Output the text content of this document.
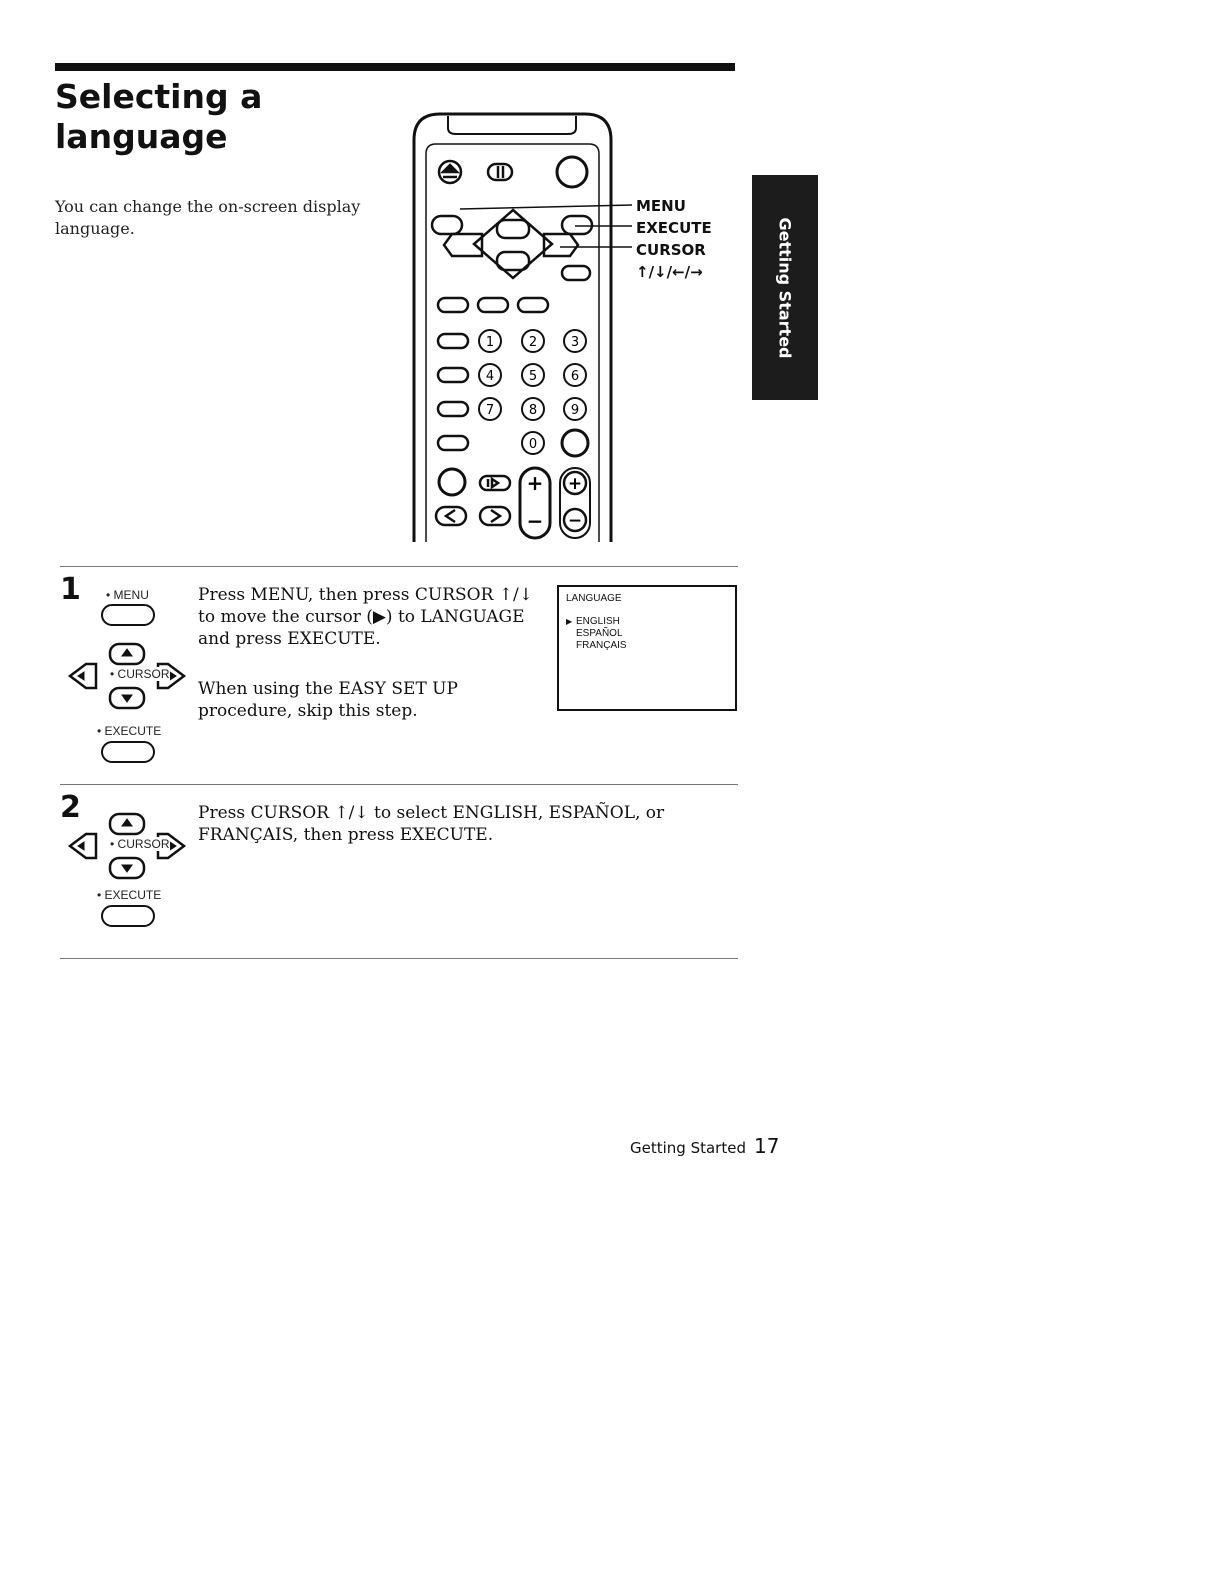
Selecting a language
You can change the on-screen display language.
1	2	3
4	5	6
7	8	9
0
+
−
+
−
MENU
EXECUTE
CURSOR
↑/↓/←/→	Getting Started
1 • MENU
• CURSOR
• EXECUTE

Press MENU, then press CURSOR ↑/↓ to move the cursor (▶) to LANGUAGE and press EXECUTE.

When using the EASY SET UP procedure, skip this step.

LANGUAGE
▶ ENGLISH
ESPAÑOL
FRANÇAIS
2
• CURSOR
• EXECUTE

Press CURSOR ↑/↓ to select ENGLISH, ESPAÑOL, or FRANÇAIS, then press EXECUTE.

Getting Started 17
